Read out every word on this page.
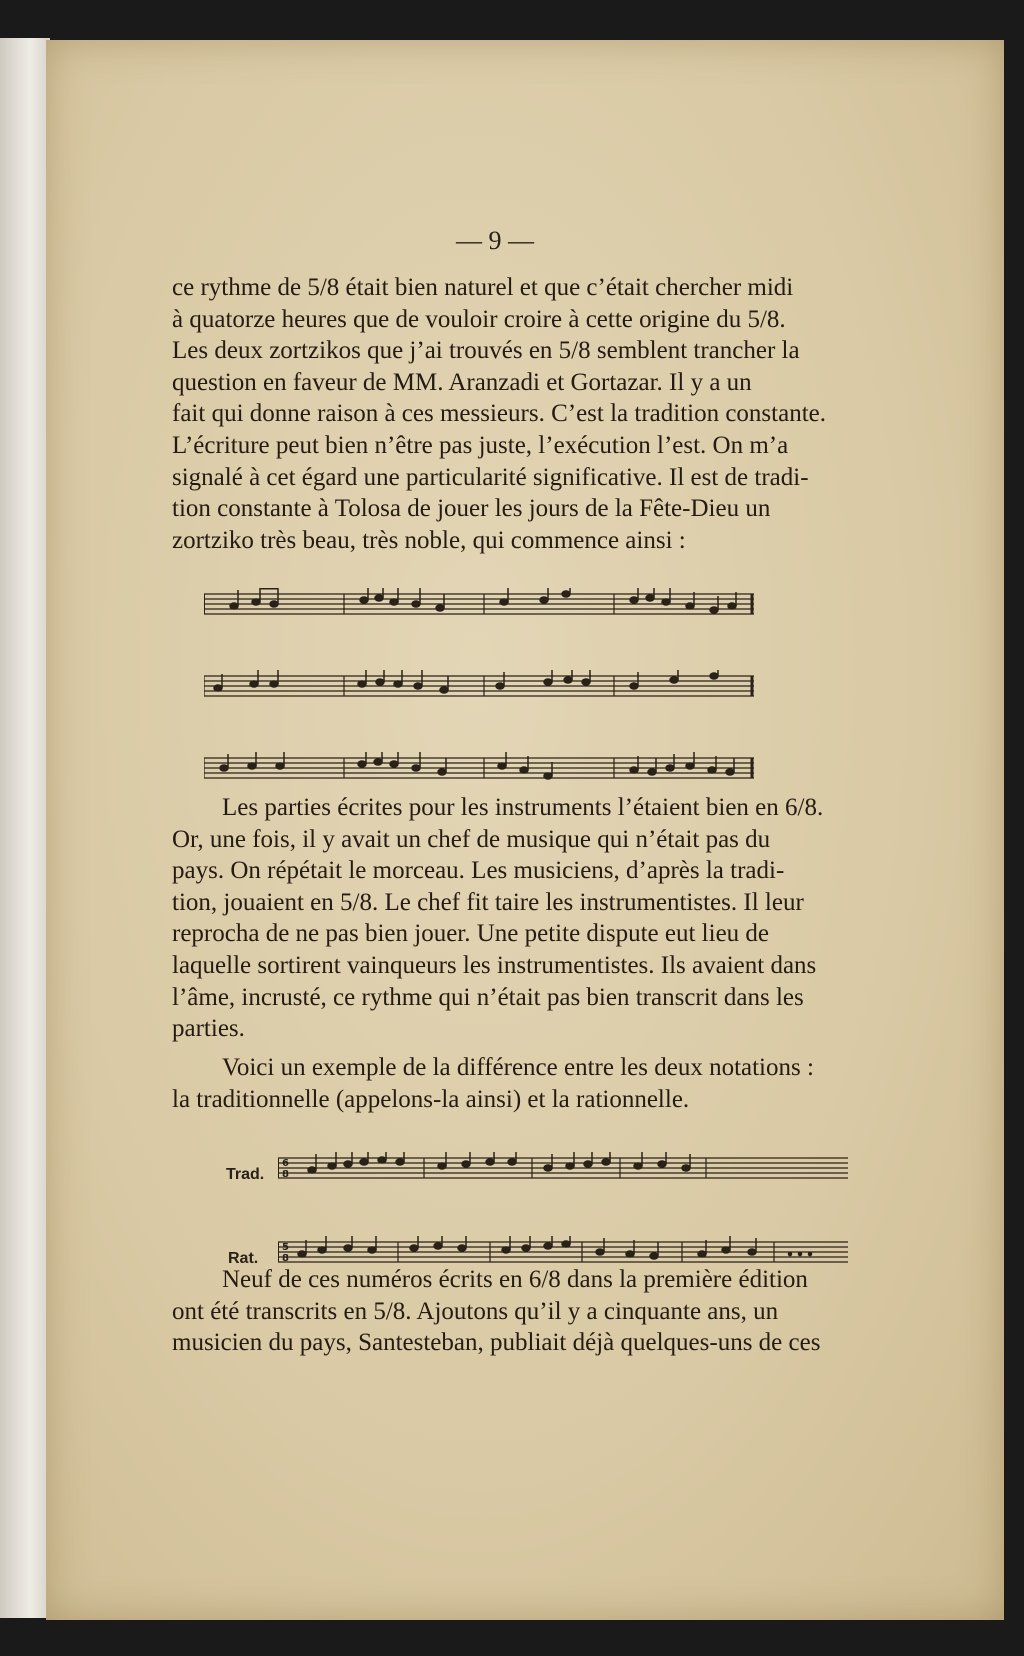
— 9 —

ce rythme de 5/8 était bien naturel et que c’était chercher midi

à quatorze heures que de vouloir croire à cette origine du 5/8.

Les deux zortzikos que j’ai trouvés en 5/8 semblent trancher la

question en faveur de MM. Aranzadi et Gortazar. Il y a un

fait qui donne raison à ces messieurs. C’est la tradition constante.

L’écriture peut bien n’être pas juste, l’exécution l’est. On m’a

signalé à cet égard une particularité significative. Il est de tradi-

tion constante à Tolosa de jouer les jours de la Fête-Dieu un

zortziko très beau, très noble, qui commence ainsi :

Les parties écrites pour les instruments l’étaient bien en 6/8.

Or, une fois, il y avait un chef de musique qui n’était pas du

pays. On répétait le morceau. Les musiciens, d’après la tradi-

tion, jouaient en 5/8. Le chef fit taire les instrumentistes. Il leur

reprocha de ne pas bien jouer. Une petite dispute eut lieu de

laquelle sortirent vainqueurs les instrumentistes. Ils avaient dans

l’âme, incrusté, ce rythme qui n’était pas bien transcrit dans les

parties.

Voici un exemple de la différence entre les deux notations :

la traditionnelle (appelons-la ainsi) et la rationnelle.

Trad.
6
8
Rat.
5
8

Neuf de ces numéros écrits en 6/8 dans la première édition

ont été transcrits en 5/8. Ajoutons qu’il y a cinquante ans, un

musicien du pays, Santesteban, publiait déjà quelques-uns de ces
